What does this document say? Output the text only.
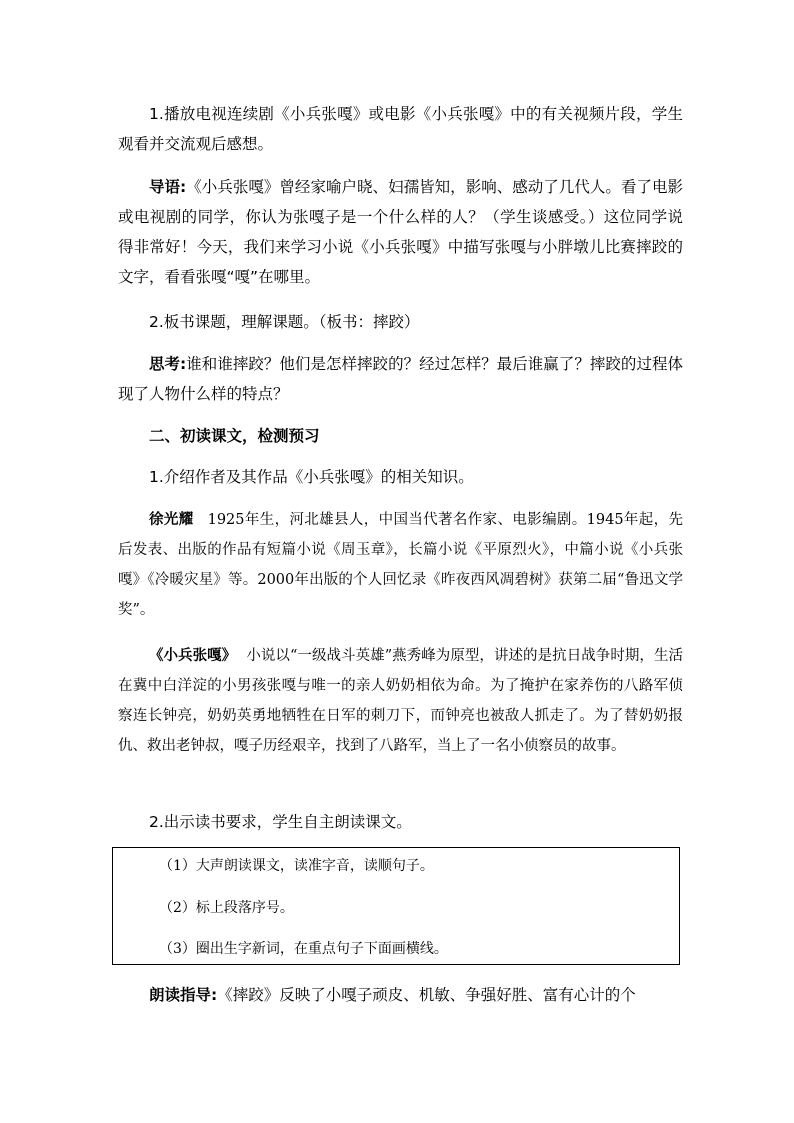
1.播放电视连续剧《小兵张嘎》或电影《小兵张嘎》中的有关视频片段，学生观看并交流观后感想。

导语:《小兵张嘎》曾经家喻户晓、妇孺皆知，影响、感动了几代人。看了电影或电视剧的同学，你认为张嘎子是一个什么样的人？（学生谈感受。）这位同学说得非常好！今天，我们来学习小说《小兵张嘎》中描写张嘎与小胖墩儿比赛摔跤的文字，看看张嘎“嘎”在哪里。

2.板书课题，理解课题。（板书：摔跤）

思考:谁和谁摔跤？他们是怎样摔跤的？经过怎样？最后谁赢了？摔跤的过程体现了人物什么样的特点？

二、初读课文，检测预习

1.介绍作者及其作品《小兵张嘎》的相关知识。

徐光耀 1925年生，河北雄县人，中国当代著名作家、电影编剧。1945年起，先后发表、出版的作品有短篇小说《周玉章》，长篇小说《平原烈火》，中篇小说《小兵张嘎》《冷暖灾星》等。2000年出版的个人回忆录《昨夜西风凋碧树》获第二届“鲁迅文学奖”。

《小兵张嘎》 小说以“一级战斗英雄”燕秀峰为原型，讲述的是抗日战争时期，生活在冀中白洋淀的小男孩张嘎与唯一的亲人奶奶相依为命。为了掩护在家养伤的八路军侦察连长钟亮，奶奶英勇地牺牲在日军的刺刀下，而钟亮也被敌人抓走了。为了替奶奶报仇、救出老钟叔，嘎子历经艰辛，找到了八路军，当上了一名小侦察员的故事。

2.出示读书要求，学生自主朗读课文。

（1）大声朗读课文，读准字音，读顺句子。

（2）标上段落序号。

（3）圈出生字新词，在重点句子下面画横线。

朗读指导:《摔跤》反映了小嘎子顽皮、机敏、争强好胜、富有心计的个
